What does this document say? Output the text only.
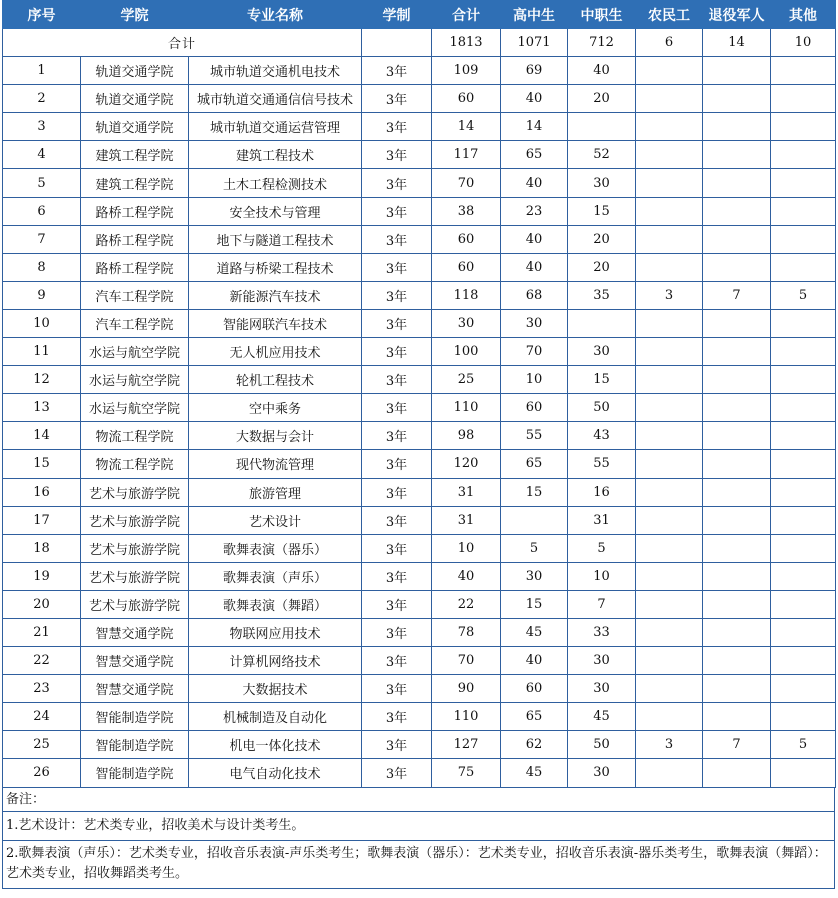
序号	学院	专业名称	学制	合计	高中生	中职生	农民工	退役军人	其他
合计				1813	1071	712	6	14	10
1	轨道交通学院	城市轨道交通机电技术	3年	109	69	40			
2	轨道交通学院	城市轨道交通通信信号技术	3年	60	40	20			
3	轨道交通学院	城市轨道交通运营管理	3年	14	14				
4	建筑工程学院	建筑工程技术	3年	117	65	52			
5	建筑工程学院	土木工程检测技术	3年	70	40	30			
6	路桥工程学院	安全技术与管理	3年	38	23	15			
7	路桥工程学院	地下与隧道工程技术	3年	60	40	20			
8	路桥工程学院	道路与桥梁工程技术	3年	60	40	20			
9	汽车工程学院	新能源汽车技术	3年	118	68	35	3	7	5
10	汽车工程学院	智能网联汽车技术	3年	30	30				
11	水运与航空学院	无人机应用技术	3年	100	70	30			
12	水运与航空学院	轮机工程技术	3年	25	10	15			
13	水运与航空学院	空中乘务	3年	110	60	50			
14	物流工程学院	大数据与会计	3年	98	55	43			
15	物流工程学院	现代物流管理	3年	120	65	55			
16	艺术与旅游学院	旅游管理	3年	31	15	16			
17	艺术与旅游学院	艺术设计	3年	31		31			
18	艺术与旅游学院	歌舞表演（器乐）	3年	10	5	5			
19	艺术与旅游学院	歌舞表演（声乐）	3年	40	30	10			
20	艺术与旅游学院	歌舞表演（舞蹈）	3年	22	15	7			
21	智慧交通学院	物联网应用技术	3年	78	45	33			
22	智慧交通学院	计算机网络技术	3年	70	40	30			
23	智慧交通学院	大数据技术	3年	90	60	30			
24	智能制造学院	机械制造及自动化	3年	110	65	45			
25	智能制造学院	机电一体化技术	3年	127	62	50	3	7	5
26	智能制造学院	电气自动化技术	3年	75	45	30			
备注：
1.艺术设计：艺术类专业，招收美术与设计类考生。
2.歌舞表演（声乐）：艺术类专业，招收音乐表演-声乐类考生；歌舞表演（器乐）：艺术类专业，招收音乐表演-器乐类考生，歌舞表演（舞蹈）：艺术类专业，招收舞蹈类考生。
